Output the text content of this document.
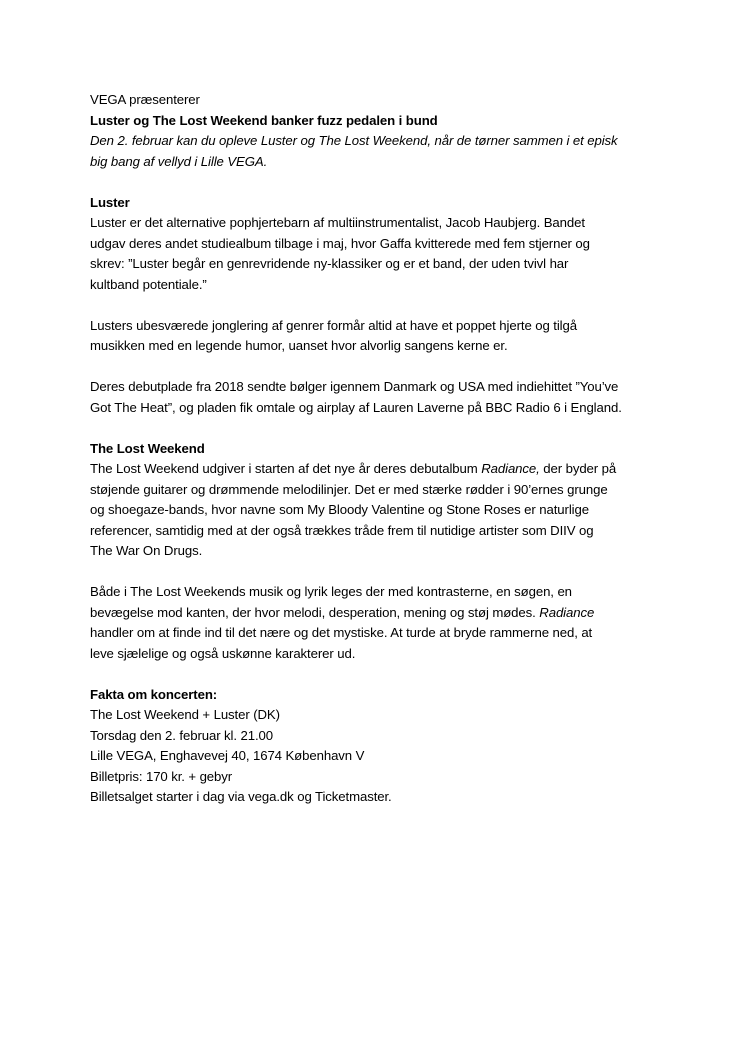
VEGA præsenterer
Luster og The Lost Weekend banker fuzz pedalen i bund
Den 2. februar kan du opleve Luster og The Lost Weekend, når de tørner sammen i et episk
big bang af vellyd i Lille VEGA.
Luster
Luster er det alternative pophjertebarn af multiinstrumentalist, Jacob Haubjerg. Bandet
udgav deres andet studiealbum tilbage i maj, hvor Gaffa kvitterede med fem stjerner og
skrev: ”Luster begår en genrevridende ny-klassiker og er et band, der uden tvivl har
kultband potentiale.”
Lusters ubesværede jonglering af genrer formår altid at have et poppet hjerte og tilgå
musikken med en legende humor, uanset hvor alvorlig sangens kerne er.
Deres debutplade fra 2018 sendte bølger igennem Danmark og USA med indiehittet ”You’ve
Got The Heat”, og pladen fik omtale og airplay af Lauren Laverne på BBC Radio 6 i England.
The Lost Weekend
The Lost Weekend udgiver i starten af det nye år deres debutalbum Radiance, der byder på
støjende guitarer og drømmende melodilinjer. Det er med stærke rødder i 90’ernes grunge
og shoegaze-bands, hvor navne som My Bloody Valentine og Stone Roses er naturlige
referencer, samtidig med at der også trækkes tråde frem til nutidige artister som DIIV og
The War On Drugs.
Både i The Lost Weekends musik og lyrik leges der med kontrasterne, en søgen, en
bevægelse mod kanten, der hvor melodi, desperation, mening og støj mødes. Radiance
handler om at finde ind til det nære og det mystiske. At turde at bryde rammerne ned, at
leve sjælelige og også uskønne karakterer ud.
Fakta om koncerten:
The Lost Weekend + Luster (DK)
Torsdag den 2. februar kl. 21.00
Lille VEGA, Enghavevej 40, 1674 København V
Billetpris: 170 kr. + gebyr
Billetsalget starter i dag via vega.dk og Ticketmaster.
